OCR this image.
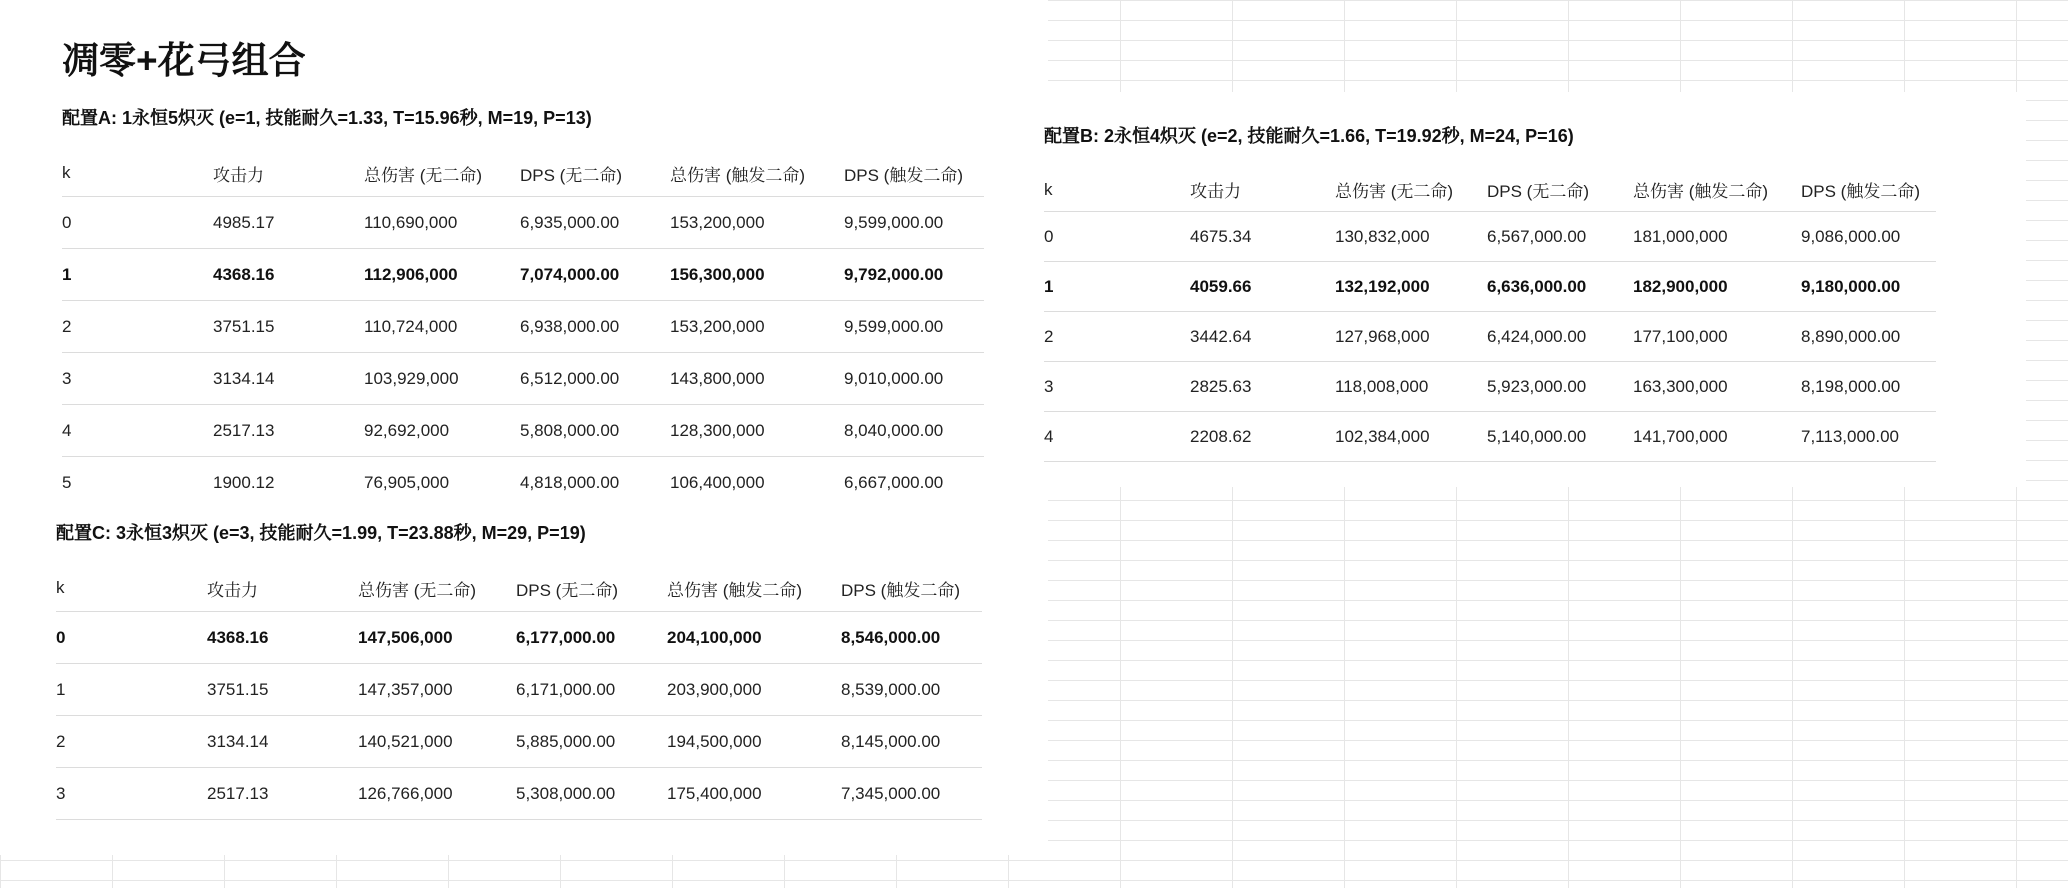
凋零+花弓组合
配置A: 1永恒5炽灭 (e=1, 技能耐久=1.33, T=15.96秒, M=19, P=13)
k	攻击力	总伤害 (无二命)	DPS (无二命)	总伤害 (触发二命)	DPS (触发二命)
0	4985.17	110,690,000	6,935,000.00	153,200,000	9,599,000.00
1	4368.16	112,906,000	7,074,000.00	156,300,000	9,792,000.00
2	3751.15	110,724,000	6,938,000.00	153,200,000	9,599,000.00
3	3134.14	103,929,000	6,512,000.00	143,800,000	9,010,000.00
4	2517.13	92,692,000	5,808,000.00	128,300,000	8,040,000.00
5	1900.12	76,905,000	4,818,000.00	106,400,000	6,667,000.00
配置B: 2永恒4炽灭 (e=2, 技能耐久=1.66, T=19.92秒, M=24, P=16)
k	攻击力	总伤害 (无二命)	DPS (无二命)	总伤害 (触发二命)	DPS (触发二命)
0	4675.34	130,832,000	6,567,000.00	181,000,000	9,086,000.00
1	4059.66	132,192,000	6,636,000.00	182,900,000	9,180,000.00
2	3442.64	127,968,000	6,424,000.00	177,100,000	8,890,000.00
3	2825.63	118,008,000	5,923,000.00	163,300,000	8,198,000.00
4	2208.62	102,384,000	5,140,000.00	141,700,000	7,113,000.00
配置C: 3永恒3炽灭 (e=3, 技能耐久=1.99, T=23.88秒, M=29, P=19)
k	攻击力	总伤害 (无二命)	DPS (无二命)	总伤害 (触发二命)	DPS (触发二命)
0	4368.16	147,506,000	6,177,000.00	204,100,000	8,546,000.00
1	3751.15	147,357,000	6,171,000.00	203,900,000	8,539,000.00
2	3134.14	140,521,000	5,885,000.00	194,500,000	8,145,000.00
3	2517.13	126,766,000	5,308,000.00	175,400,000	7,345,000.00
